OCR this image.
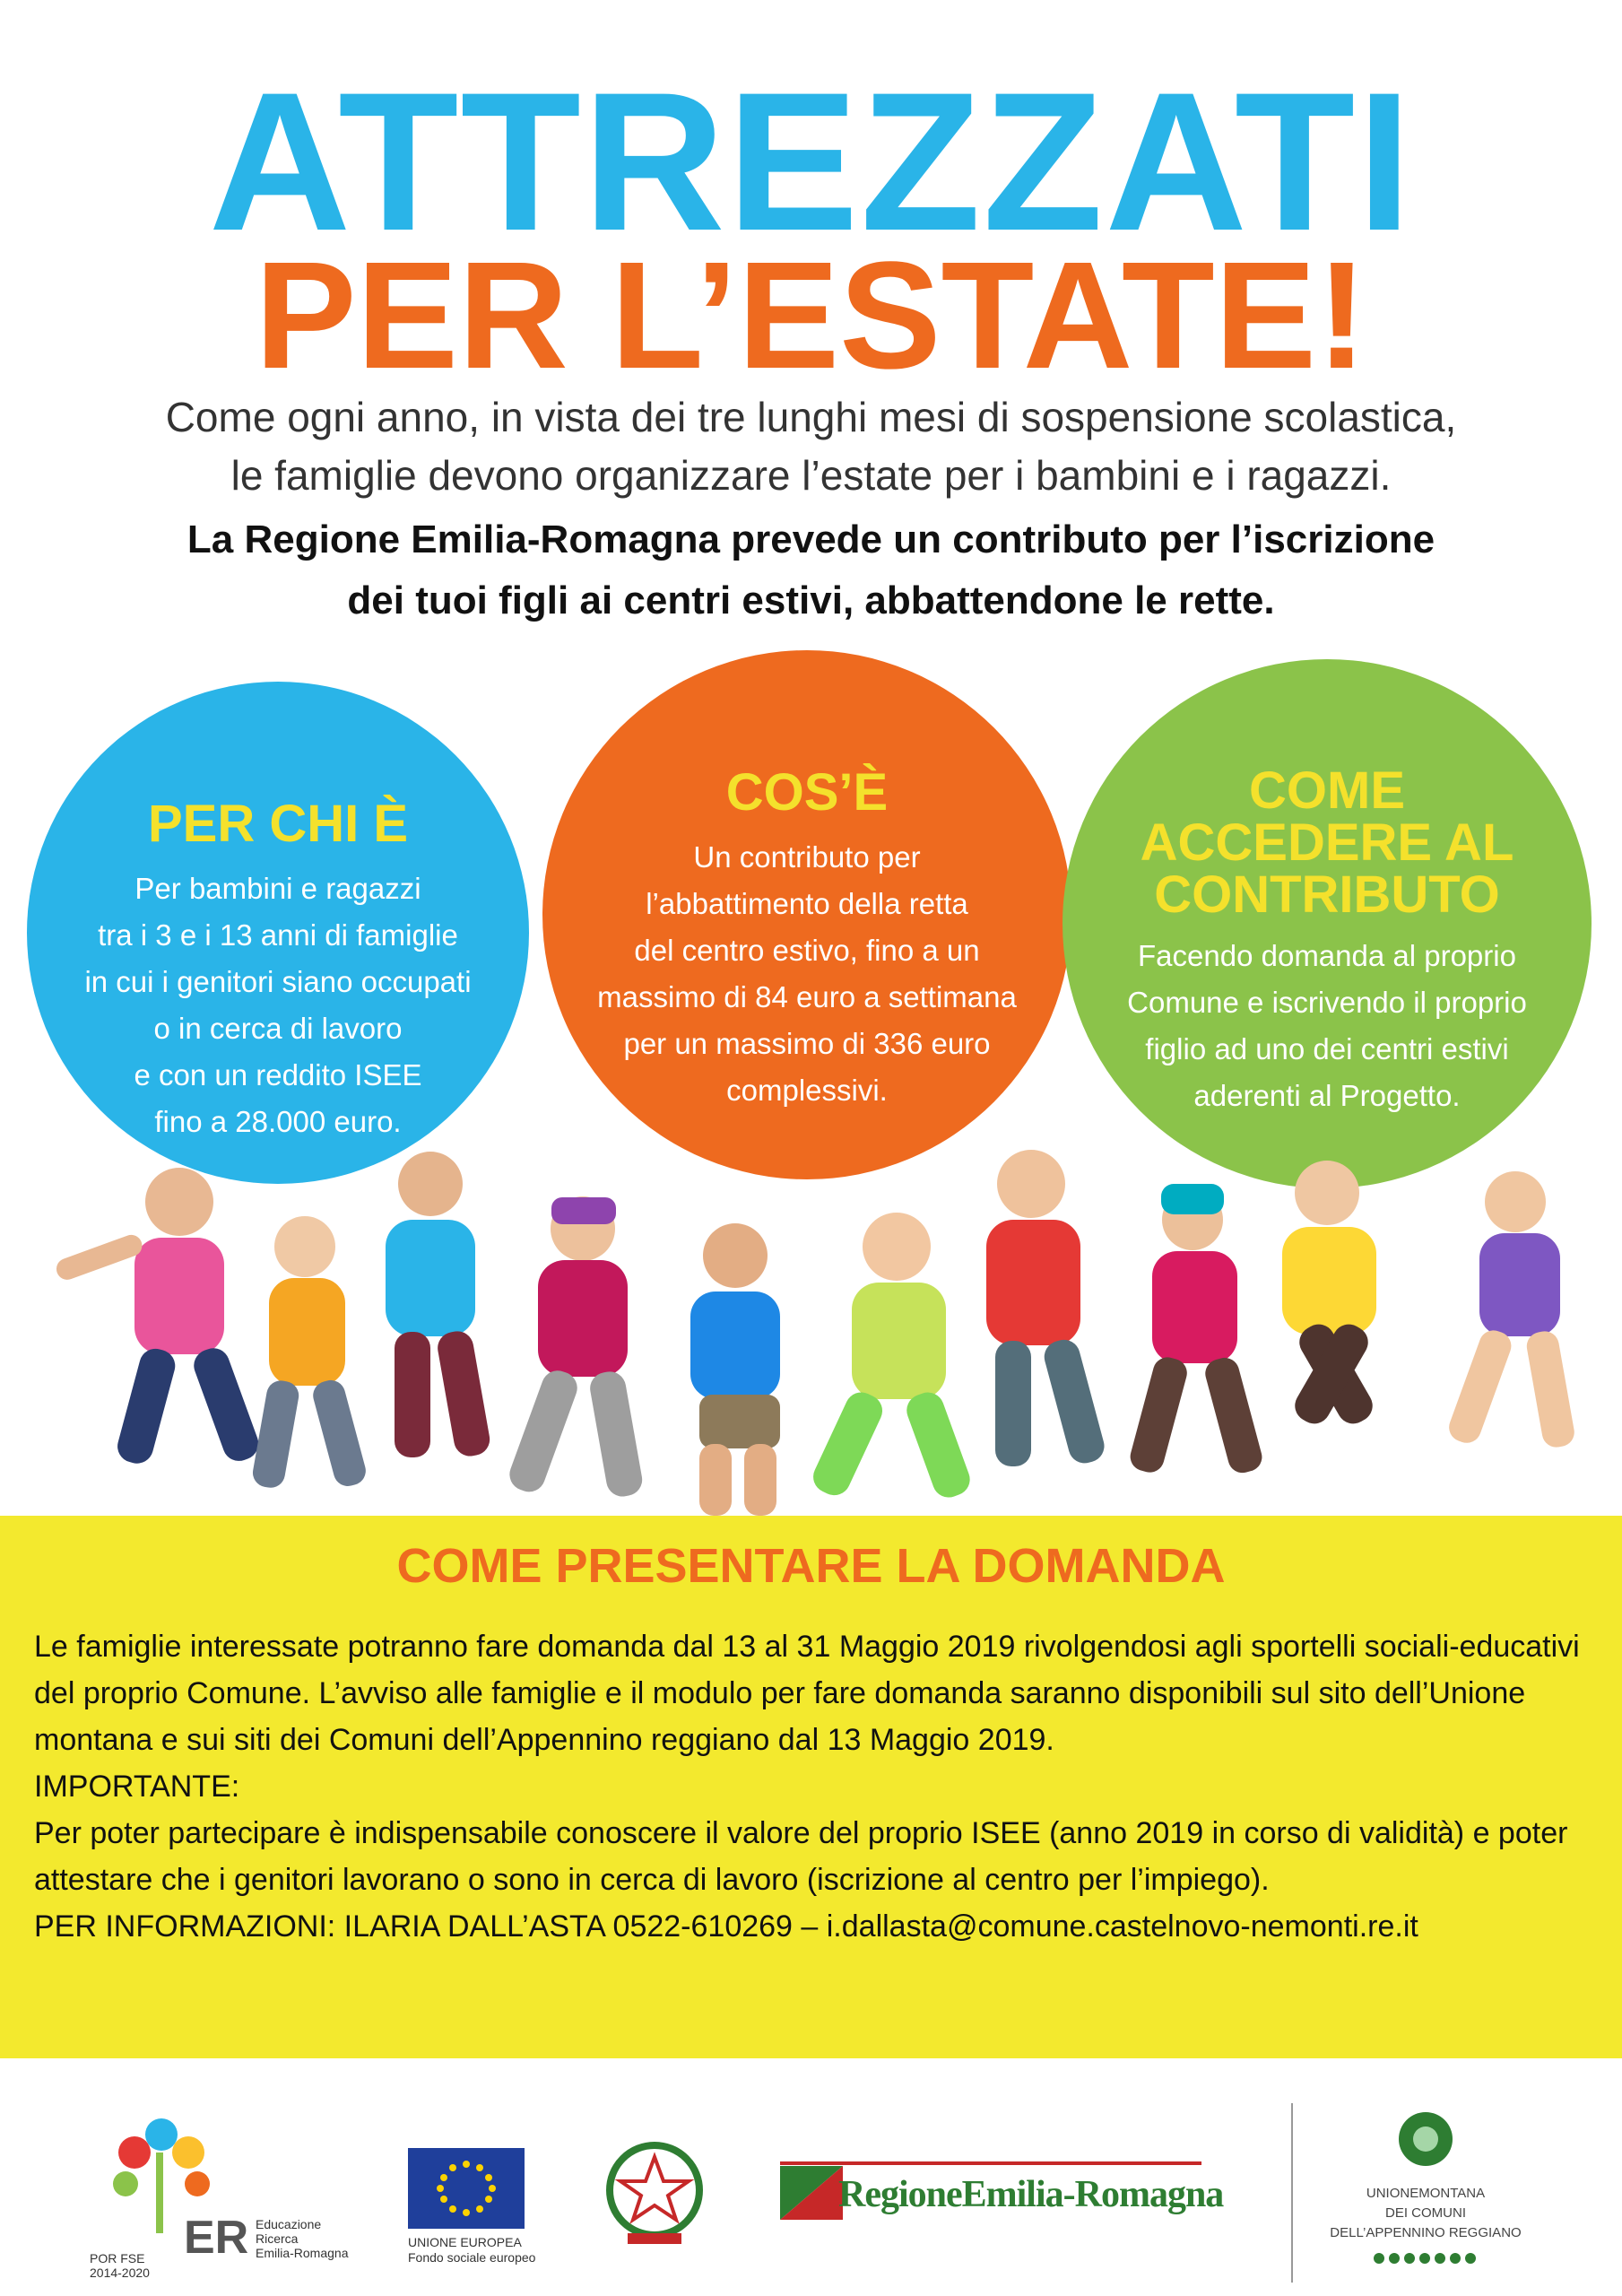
ATTREZZATI
PER L’ESTATE!
Come ogni anno, in vista dei tre lunghi mesi di sospensione scolastica,
le famiglie devono organizzare l’estate per i bambini e i ragazzi.
La Regione Emilia-Romagna prevede un contributo per l’iscrizione
dei tuoi figli ai centri estivi, abbattendone le rette.
PER CHI È
Per bambini e ragazzi
tra i 3 e i 13 anni di famiglie
in cui i genitori siano occupati
o in cerca di lavoro
e con un reddito ISEE
fino a 28.000 euro.
COS’È
Un contributo per
l’abbattimento della retta
del centro estivo, fino a un
massimo di 84 euro a settimana
per un massimo di 336 euro
complessivi.
COME
ACCEDERE AL
CONTRIBUTO
Facendo domanda al proprio
Comune e iscrivendo il proprio
figlio ad uno dei centri estivi
aderenti al Progetto.
COME PRESENTARE LA DOMANDA

Le famiglie interessate potranno fare domanda dal 13 al 31 Maggio 2019 rivolgendosi agli sportelli sociali-educativi del proprio Comune. L’avviso alle famiglie e il modulo per fare domanda saranno disponibili sul sito dell’Unione montana e sui siti dei Comuni dell’Appennino reggiano dal 13 Maggio 2019.

IMPORTANTE:

Per poter partecipare è indispensabile conoscere il valore del proprio ISEE (anno 2019 in corso di validità) e poter attestare che i genitori lavorano o sono in cerca di lavoro (iscrizione al centro per l’impiego).

PER INFORMAZIONI: ILARIA DALL’ASTA 0522-610269 – i.dallasta@comune.castelnovo-nemonti.re.it

POR FSE
2014-2020
ER Educazione
Ricerca
Emilia-Romagna
UNIONE EUROPEA
Fondo sociale europeo
RegioneEmilia-Romagna	UNIONEMONTANA
DEI COMUNI
DELL’APPENNINO REGGIANO
